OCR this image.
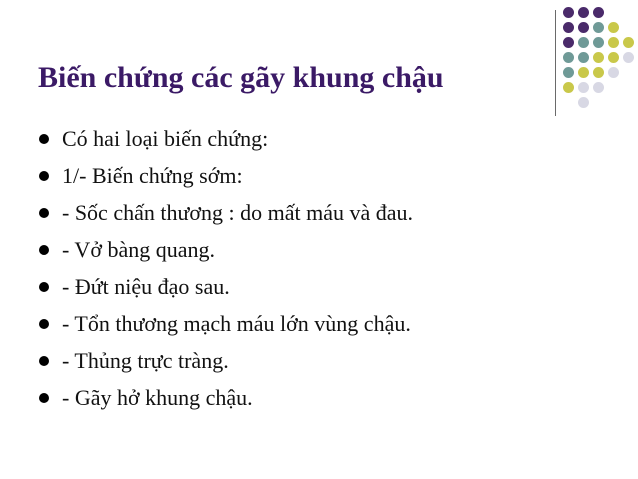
Biến chứng các gãy khung chậu
Có hai loại biến chứng:
1/- Biến chứng sớm:
- Sốc chấn thương : do mất máu và đau.
- Vở bàng quang.
- Đứt niệu đạo sau.
- Tổn thương mạch máu lớn vùng chậu.
- Thủng trực tràng.
- Gãy hở khung chậu.
